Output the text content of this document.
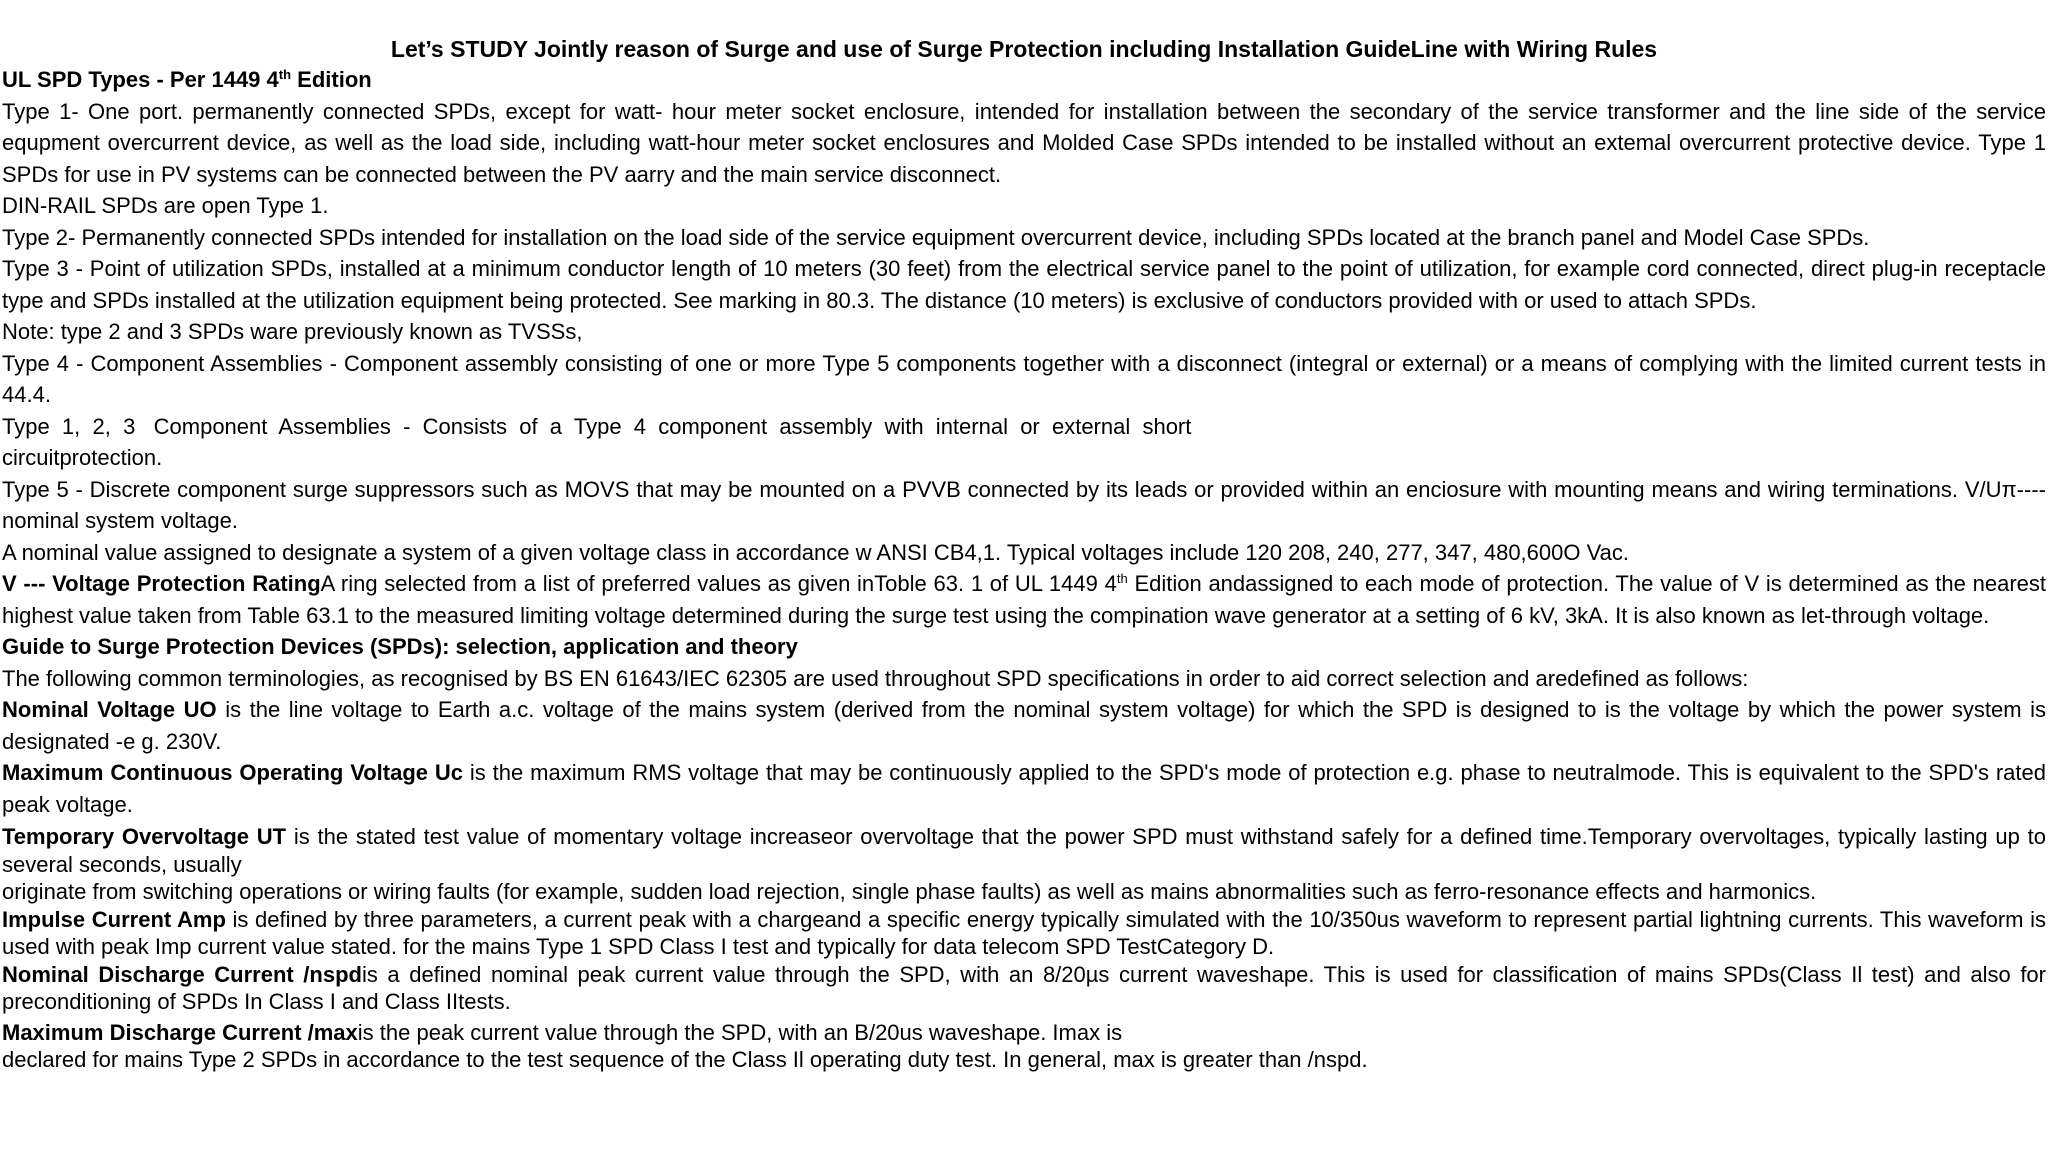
Let’s STUDY Jointly reason of Surge and use of Surge Protection including Installation GuideLine with Wiring Rules
UL SPD Types - Per 1449 4th Edition
Type 1- One port. permanently connected SPDs, except for watt- hour meter socket enclosure, intended for installation between the secondary of the service transformer and the line side of the service equpment overcurrent device, as well as the load side, including watt-hour meter socket enclosures and Molded Case SPDs intended to be installed without an extemal overcurrent protective device. Type 1 SPDs for use in PV systems can be connected between the PV aarry and the main service disconnect.
DIN-RAIL SPDs are open Type 1.
Type 2- Permanently connected SPDs intended for installation on the load side of the service equipment overcurrent device, including SPDs located at the branch panel and Model Case SPDs.
Type 3 - Point of utilization SPDs, installed at a minimum conductor length of 10 meters (30 feet) from the electrical service panel to the point of utilization, for example cord connected, direct plug-in receptacle type and SPDs installed at the utilization equipment being protected. See marking in 80.3. The distance (10 meters) is exclusive of conductors provided with or used to attach SPDs.
Note: type 2 and 3 SPDs ware previously known as TVSSs,
Type 4 - Component Assemblies - Component assembly consisting of one or more Type 5 components together with a disconnect (integral or external) or a means of complying with the limited current tests in 44.4.
Type  1,  2,  3   Component  Assemblies  -  Consists  of  a  Type  4  component  assembly  with  internal  or  external  short
circuitprotection.
Type 5 - Discrete component surge suppressors such as MOVS that may be mounted on a PVVB connected by its leads or provided within an enciosure with mounting means and wiring terminations. V/Uπ----nominal system voltage.
A nominal value assigned to designate a system of a given voltage class in accordance w ANSI CB4,1. Typical voltages include 120 208, 240, 277, 347, 480,600O Vac.
V --- Voltage Protection RatingA ring selected from a list of preferred values as given inToble 63. 1 of UL 1449 4th Edition andassigned to each mode of protection. The value of V is determined as the nearest highest value taken from Table 63.1 to the measured limiting voltage determined during the surge test using the compination wave generator at a setting of 6 kV, 3kA. It is also known as let-through voltage.
Guide to Surge Protection Devices (SPDs): selection, application and theory
The following common terminologies, as recognised by BS EN 61643/IEC 62305 are used throughout SPD specifications in order to aid correct selection and aredefined as follows:
Nominal Voltage UO is the line voltage to Earth a.c. voltage of the mains system (derived from the nominal system voltage) for which the SPD is designed to is the voltage by which the power system is designated -e g. 230V.
Maximum Continuous Operating Voltage Uc is the maximum RMS voltage that may be continuously applied to the SPD's mode of protection e.g. phase to neutralmode. This is equivalent to the SPD's rated peak voltage.
Temporary Overvoltage UT is the stated test value of momentary voltage increaseor overvoltage that the power SPD must withstand safely for a defined time.Temporary overvoltages, typically lasting up to several seconds, usually
originate from switching operations or wiring faults (for example, sudden load rejection, single phase faults) as well as mains abnormalities such as ferro-resonance effects and harmonics.
Impulse Current Amp is defined by three parameters, a current peak with a chargeand a specific energy typically simulated with the 10/350us waveform to represent partial lightning currents. This waveform is used with peak Imp current value stated. for the mains Type 1 SPD Class I test and typically for data telecom SPD TestCategory D.
Nominal Discharge Current /nspdis a defined nominal peak current value through the SPD, with an 8/20µs current waveshape. This is used for classification of mains SPDs(Class Il test) and also for preconditioning of SPDs In Class I and Class IItests.
Maximum Discharge Current /maxis the peak current value through the SPD, with an B/20us waveshape. Imax is
declared for mains Type 2 SPDs in accordance to the test sequence of the Class Il operating duty test. In general, max is greater than /nspd.
